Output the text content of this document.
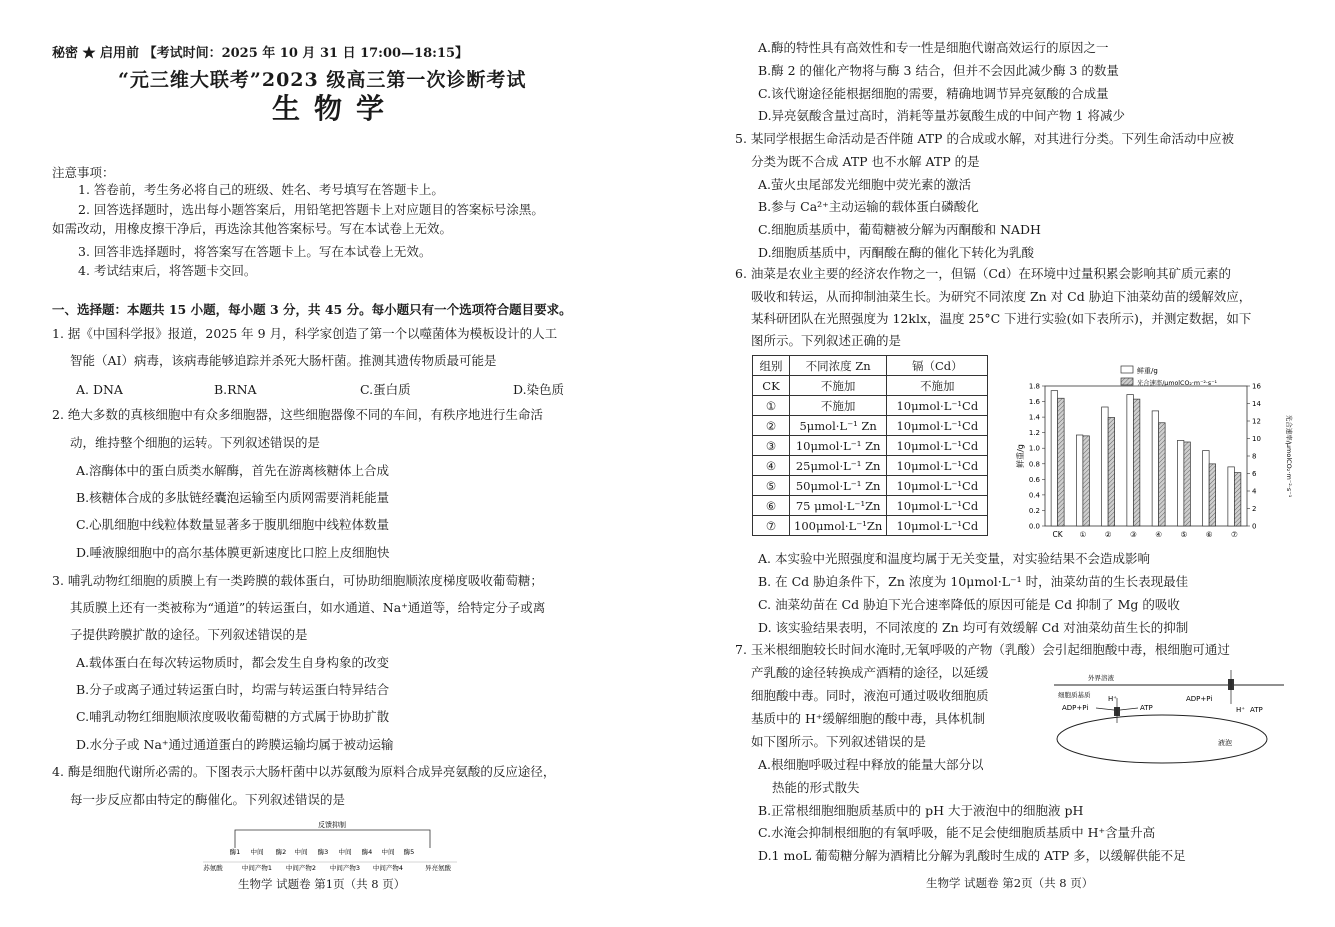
秘密 ★ 启用前 【考试时间：2025 年 10 月 31 日 17:00—18:15】
“元三维大联考”2023 级高三第一次诊断考试
生物学
注意事项：
1. 答卷前，考生务必将自己的班级、姓名、考号填写在答题卡上。
2. 回答选择题时，选出每小题答案后，用铅笔把答题卡上对应题目的答案标号涂黑。
如需改动，用橡皮擦干净后，再选涂其他答案标号。写在本试卷上无效。
3. 回答非选择题时，将答案写在答题卡上。写在本试卷上无效。
4. 考试结束后，将答题卡交回。
一、选择题：本题共 15 小题，每小题 3 分，共 45 分。每小题只有一个选项符合题目要求。
1. 据《中国科学报》报道，2025 年 9 月，科学家创造了第一个以噬菌体为模板设计的人工
智能（AI）病毒，该病毒能够追踪并杀死大肠杆菌。推测其遗传物质最可能是
A. DNA	B.RNA	C.蛋白质	D.染色质
2. 绝大多数的真核细胞中有众多细胞器，这些细胞器像不同的车间，有秩序地进行生命活
动，维持整个细胞的运转。下列叙述错误的是
A.溶酶体中的蛋白质类水解酶，首先在游离核糖体上合成
B.核糖体合成的多肽链经囊泡运输至内质网需要消耗能量
C.心肌细胞中线粒体数量显著多于腹肌细胞中线粒体数量
D.唾液腺细胞中的高尔基体膜更新速度比口腔上皮细胞快
3. 哺乳动物红细胞的质膜上有一类跨膜的载体蛋白，可协助细胞顺浓度梯度吸收葡萄糖；
其质膜上还有一类被称为“通道”的转运蛋白，如水通道、Na⁺通道等，给特定分子或离
子提供跨膜扩散的途径。下列叙述错误的是
A.载体蛋白在每次转运物质时，都会发生自身构象的改变
B.分子或离子通过转运蛋白时，均需与转运蛋白特异结合
C.哺乳动物红细胞顺浓度吸收葡萄糖的方式属于协助扩散
D.水分子或 Na⁺通过通道蛋白的跨膜运输均属于被动运输
4. 酶是细胞代谢所必需的。下图表示大肠杆菌中以苏氨酸为原料合成异亮氨酸的反应途径，
每一步反应都由特定的酶催化。下列叙述错误的是
反馈抑制
苏氨酸
酶1 中间
中间产物1
酶2 中间
中间产物2
酶3 中间
中间产物3
酶4 中间
中间产物4
酶5
异亮氨酸
生物学 试题卷 第1页（共 8 页）
A.酶的特性具有高效性和专一性是细胞代谢高效运行的原因之一
B.酶 2 的催化产物将与酶 3 结合，但并不会因此减少酶 3 的数量
C.该代谢途径能根据细胞的需要，精确地调节异亮氨酸的合成量
D.异亮氨酸含量过高时，消耗等量苏氨酸生成的中间产物 1 将减少
5. 某同学根据生命活动是否伴随 ATP 的合成或水解，对其进行分类。下列生命活动中应被
分类为既不合成 ATP 也不水解 ATP 的是
A.萤火虫尾部发光细胞中荧光素的激活
B.参与 Ca²⁺主动运输的载体蛋白磷酸化
C.细胞质基质中，葡萄糖被分解为丙酮酸和 NADH
D.细胞质基质中，丙酮酸在酶的催化下转化为乳酸
6. 油菜是农业主要的经济农作物之一，但镉（Cd）在环境中过量积累会影响其矿质元素的
吸收和转运，从而抑制油菜生长。为研究不同浓度 Zn 对 Cd 胁迫下油菜幼苗的缓解效应，
某科研团队在光照强度为 12klx，温度 25°C 下进行实验(如下表所示)，并测定数据，如下
图所示。下列叙述正确的是
组别	不同浓度 Zn	镉（Cd）
CK	不施加	不施加
①	不施加	10μmol·L⁻¹Cd
②	5μmol·L⁻¹ Zn	10μmol·L⁻¹Cd
③	10μmol·L⁻¹ Zn	10μmol·L⁻¹Cd
④	25μmol·L⁻¹ Zn	10μmol·L⁻¹Cd
⑤	50μmol·L⁻¹ Zn	10μmol·L⁻¹Cd
⑥	75 μmol·L⁻¹Zn	10μmol·L⁻¹Cd
⑦	100μmol·L⁻¹Zn	10μmol·L⁻¹Cd
鲜重/g
光合速率/μmolCO₂·m⁻²·s⁻¹
鲜重/g	光合速率/μmolCO₂·m⁻²·s⁻¹
0.0
0.2
0.4
0.6
0.8
1.0
1.2
1.4
1.6
1.8
0
2
4
6
8
10
12
14
16
CK ① ② ③ ④ ⑤ ⑥ ⑦
A. 本实验中光照强度和温度均属于无关变量，对实验结果不会造成影响
B. 在 Cd 胁迫条件下，Zn 浓度为 10μmol·L⁻¹ 时，油菜幼苗的生长表现最佳
C. 油菜幼苗在 Cd 胁迫下光合速率降低的原因可能是 Cd 抑制了 Mg 的吸收
D. 该实验结果表明，不同浓度的 Zn 均可有效缓解 Cd 对油菜幼苗生长的抑制
7. 玉米根细胞较长时间水淹时,无氧呼吸的产物（乳酸）会引起细胞酸中毒，根细胞可通过
产乳酸的途径转换成产酒精的途径，以延缓
细胞酸中毒。同时，液泡可通过吸收细胞质
基质中的 H⁺缓解细胞的酸中毒，具体机制
如下图所示。下列叙述错误的是
A.根细胞呼吸过程中释放的能量大部分以
热能的形式散失
B.正常根细胞细胞质基质中的 pH 大于液泡中的细胞液 pH
C.水淹会抑制根细胞的有氧呼吸，能不足会使细胞质基质中 H⁺含量升高
D.1 moL 葡萄糖分解为酒精比分解为乳酸时生成的 ATP 多，以缓解供能不足
外界溶液
细胞质基质
液泡
ADP+Pi	ATP
H⁺	ADP+Pi
H⁺ ATP
生物学 试题卷 第2页（共 8 页）
